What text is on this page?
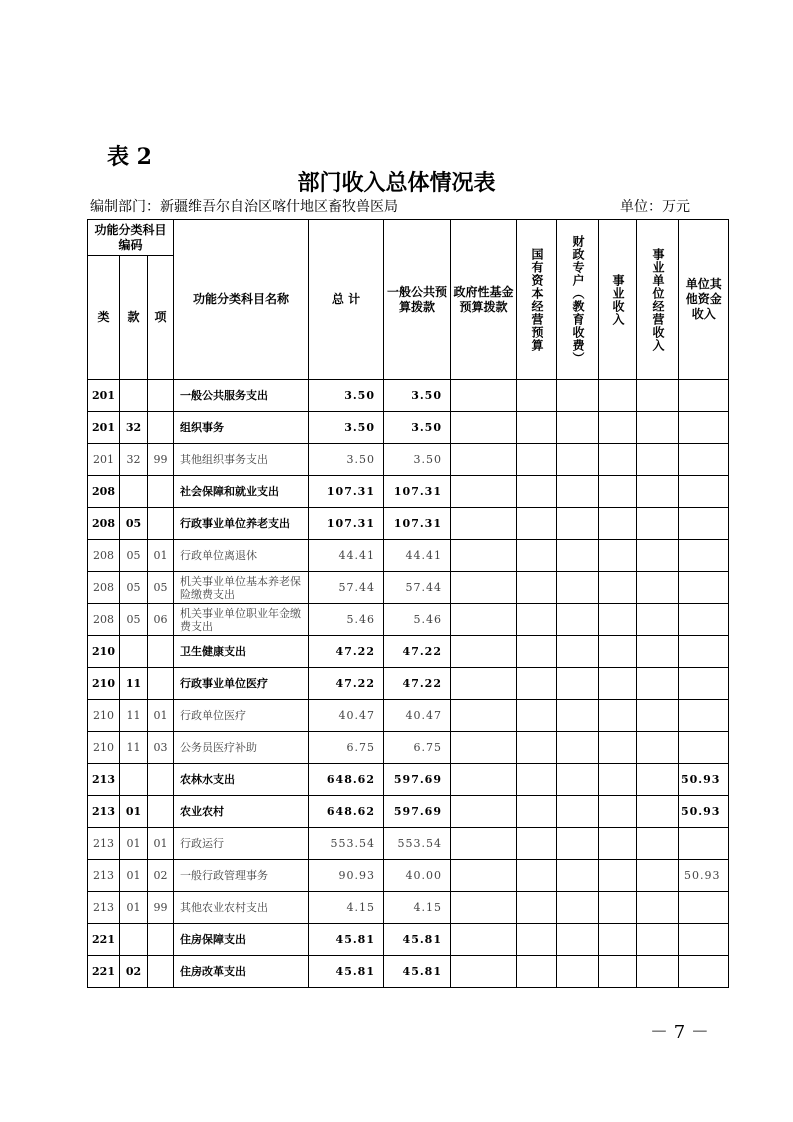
表 2
部门收入总体情况表
编制部门：新疆维吾尔自治区喀什地区畜牧兽医局	单位：万元
功能分类科目编码			功能分类科目名称	总 计	一般公共预算拨款	政府性基金预算拨款	国有资本经营预算	财政专户（教育收费）	事业收入	事业单位经营收入	单位其他资金收入
类	款	项									
201			一般公共服务支出	3.50	3.50						
201	32		组织事务	3.50	3.50						
201	32	99	其他组织事务支出	3.50	3.50						
208			社会保障和就业支出	107.31	107.31						
208	05		行政事业单位养老支出	107.31	107.31						
208	05	01	行政单位离退休	44.41	44.41						
208	05	05	机关事业单位基本养老保险缴费支出	57.44	57.44						
208	05	06	机关事业单位职业年金缴费支出	5.46	5.46						
210			卫生健康支出	47.22	47.22						
210	11		行政事业单位医疗	47.22	47.22						
210	11	01	行政单位医疗	40.47	40.47						
210	11	03	公务员医疗补助	6.75	6.75						
213			农林水支出	648.62	597.69						50.93
213	01		农业农村	648.62	597.69						50.93
213	01	01	行政运行	553.54	553.54						
213	01	02	一般行政管理事务	90.93	40.00						50.93
213	01	99	其他农业农村支出	4.15	4.15						
221			住房保障支出	45.81	45.81						
221	02		住房改革支出	45.81	45.81						
－ 7 －
